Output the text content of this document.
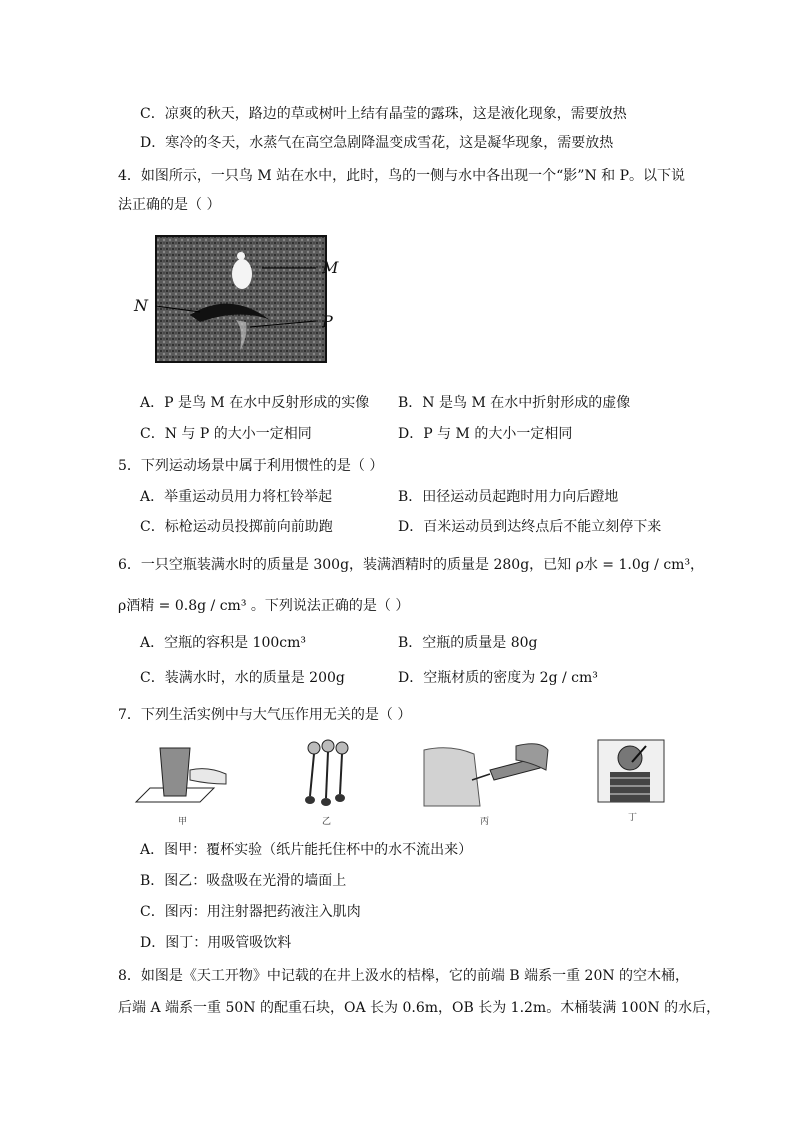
C．凉爽的秋天，路边的草或树叶上结有晶莹的露珠，这是液化现象，需要放热
D．寒冷的冬天，水蒸气在高空急剧降温变成雪花，这是凝华现象，需要放热
4．如图所示，一只鸟 M 站在水中，此时，鸟的一侧与水中各出现一个“影”N 和 P。以下说
法正确的是（ ）
M
N
P
A．P 是鸟 M 在水中反射形成的实像 B．N 是鸟 M 在水中折射形成的虚像
C．N 与 P 的大小一定相同	D．P 与 M 的大小一定相同
5．下列运动场景中属于利用惯性的是（ ）
A．举重运动员用力将杠铃举起	B．田径运动员起跑时用力向后蹬地
C．标枪运动员投掷前向前助跑	D．百米运动员到达终点后不能立刻停下来
6．一只空瓶装满水时的质量是 300g，装满酒精时的质量是 280g，已知 ρ水 = 1.0g / cm³，
ρ酒精 = 0.8g / cm³ 。下列说法正确的是（ ）
A．空瓶的容积是 100cm³	B．空瓶的质量是 80g
C．装满水时，水的质量是 200g	D．空瓶材质的密度为 2g / cm³
7．下列生活实例中与大气压作用无关的是（ ）
甲	乙	丙	丁
A．图甲：覆杯实验（纸片能托住杯中的水不流出来）
B．图乙：吸盘吸在光滑的墙面上
C．图丙：用注射器把药液注入肌肉
D．图丁：用吸管吸饮料
8．如图是《天工开物》中记载的在井上汲水的桔槔，它的前端 B 端系一重 20N 的空木桶，
后端 A 端系一重 50N 的配重石块，OA 长为 0.6m，OB 长为 1.2m。木桶装满 100N 的水后，
